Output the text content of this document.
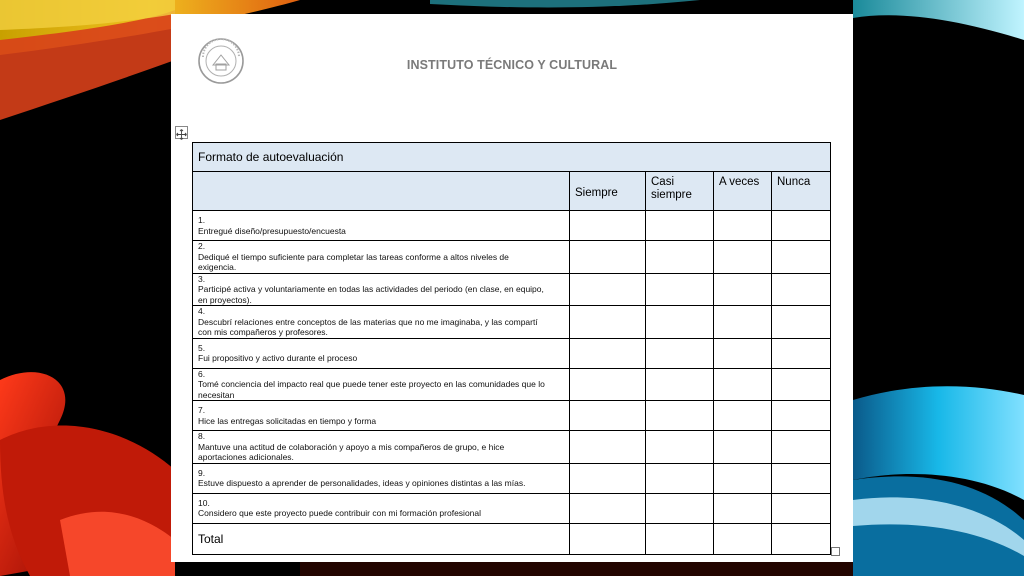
INSTITUTO TÉCNICO Y CULTURAL
Formato de autoevaluación				
	Siempre	Casi siempre	A veces	Nunca
1.Entregué diseño/presupuesto/encuesta				
2.Dediqué el tiempo suficiente para completar las tareas conforme a altos niveles de exigencia.				
3.Participé activa y voluntariamente en todas las actividades del periodo (en clase, en equipo, en proyectos).				
4.Descubrí relaciones entre conceptos de las materias que no me imaginaba, y las compartí con mis compañeros y profesores.				
5.Fui propositivo y activo durante el proceso				
6.Tomé conciencia del impacto real que puede tener este proyecto en las comunidades que lo necesitan				
7.Hice las entregas solicitadas en tiempo y forma				
8.Mantuve una actitud de colaboración y apoyo a mis compañeros de grupo, e hice aportaciones adicionales.				
9.Estuve dispuesto a aprender de personalidades, ideas y opiniones distintas a las mías.				
10.Considero que este proyecto puede contribuir con mi formación profesional				
Total				
